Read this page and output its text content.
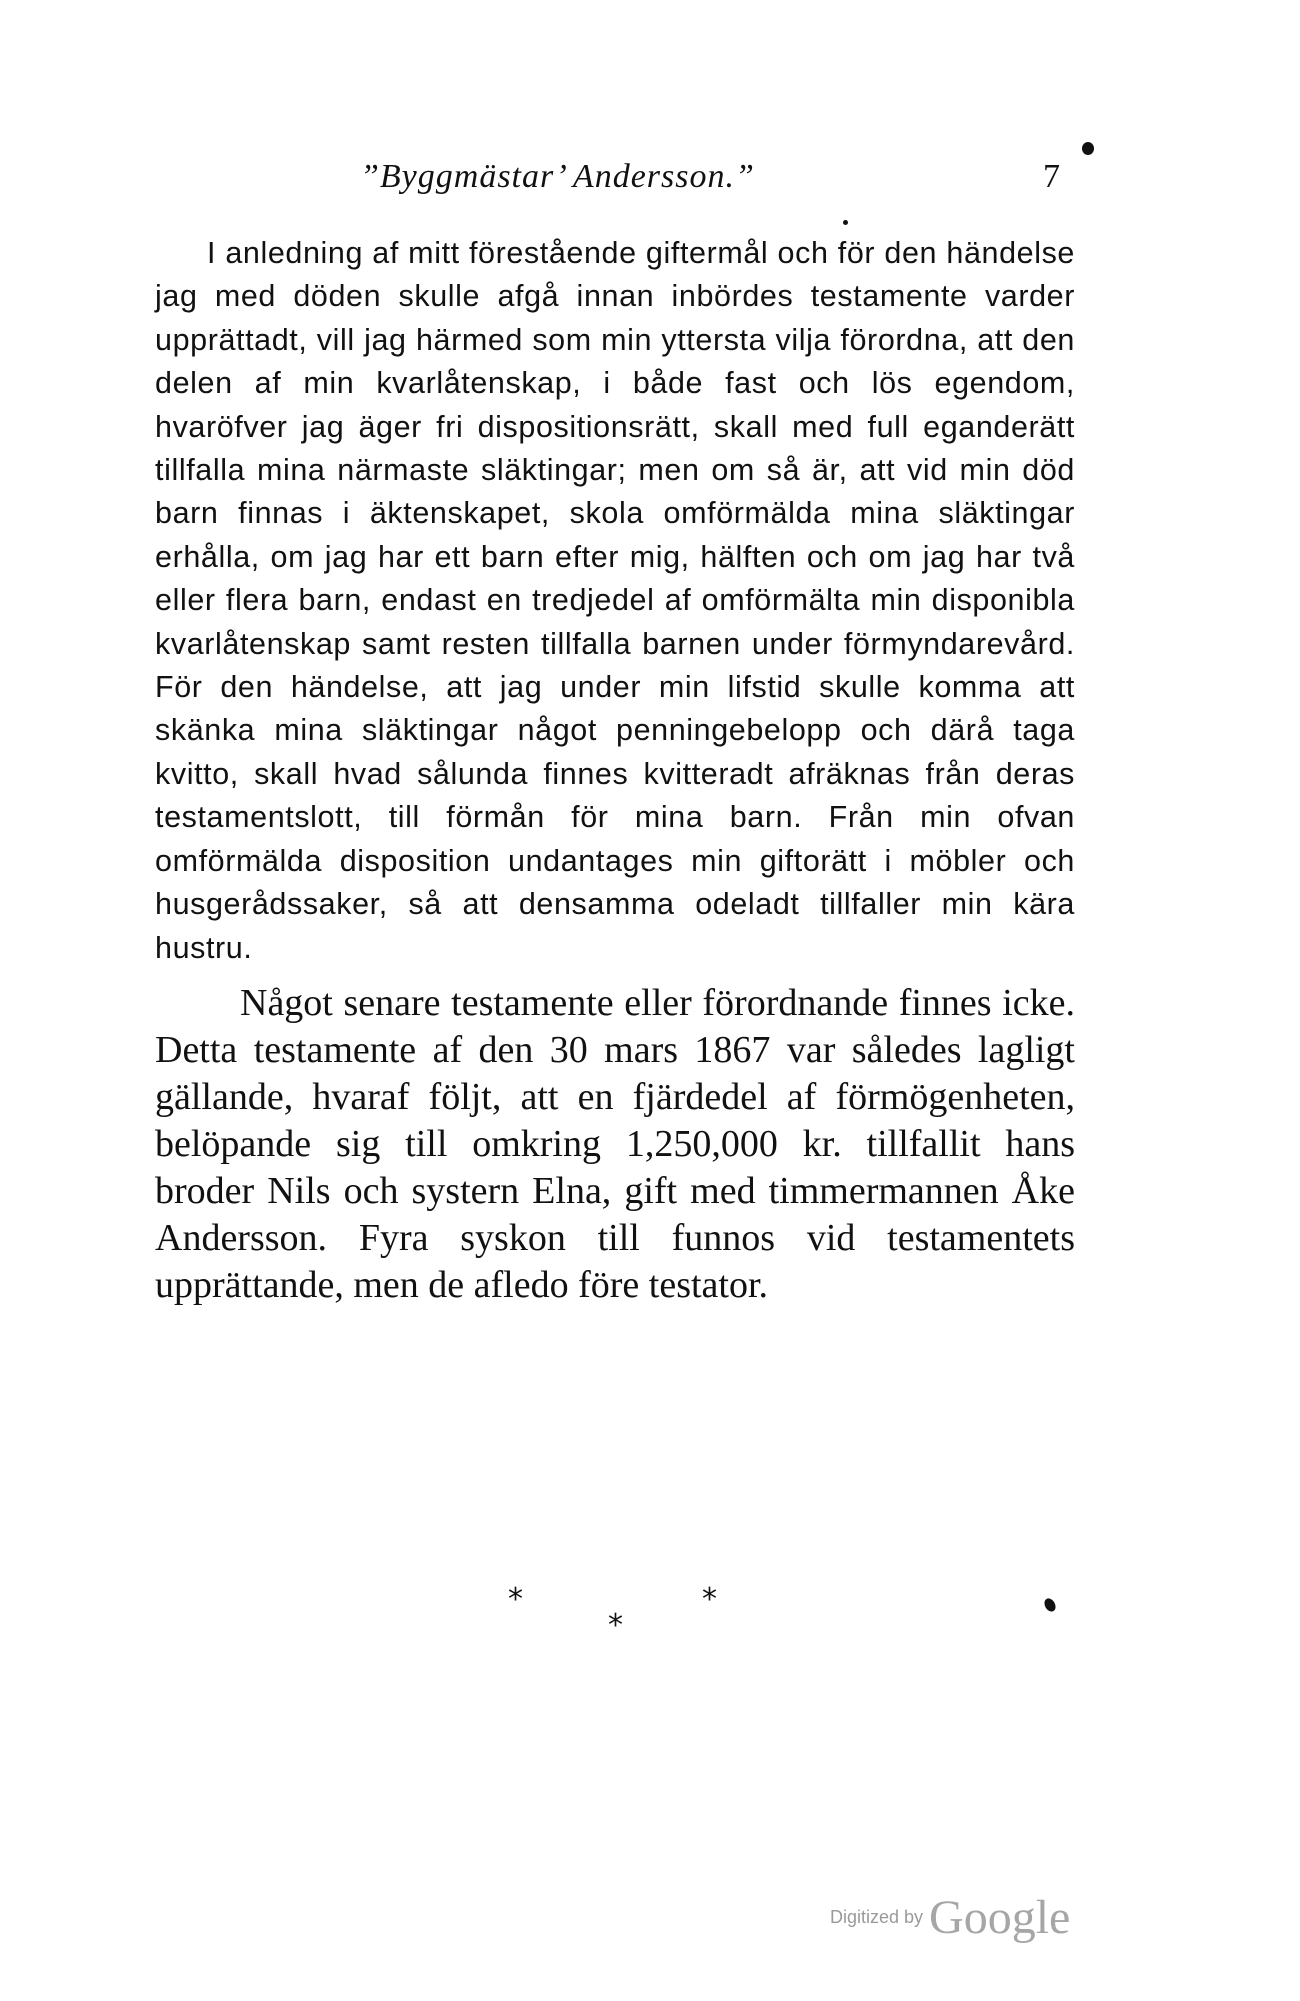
”Byggmästar’ Andersson.”	7

I anledning af mitt förestående giftermål och för den händelse jag med döden skulle afgå innan inbördes testamente varder upprättadt, vill jag härmed som min yttersta vilja förordna, att den delen af min kvarlåtenskap, i både fast och lös egendom, hvaröfver jag äger fri dispositionsrätt, skall med full eganderätt tillfalla mina närmaste släktingar; men om så är, att vid min död barn finnas i äktenskapet, skola omförmälda mina släktingar erhålla, om jag har ett barn efter mig, hälften och om jag har två eller flera barn, endast en tredjedel af omförmälta min disponibla kvarlåtenskap samt resten tillfalla barnen under förmyndarevård. För den händelse, att jag under min lifstid skulle komma att skänka mina släktingar något penningebelopp och därå taga kvitto, skall hvad sålunda finnes kvitteradt afräknas från deras testamentslott, till förmån för mina barn. Från min ofvan omförmälda disposition undantages min giftorätt i möbler och husgerådssaker, så att densamma odeladt tillfaller min kära hustru.

Något senare testamente eller förordnande finnes icke. Detta testamente af den 30 mars 1867 var således lagligt gällande, hvaraf följt, att en fjärdedel af förmögenheten, belöpande sig till omkring 1,250,000 kr. tillfallit hans broder Nils och systern Elna, gift med timmermannen Åke Andersson. Fyra syskon till funnos vid testamentets upprättande, men de afledo före testator.

*	*
*
Digitized by Google
